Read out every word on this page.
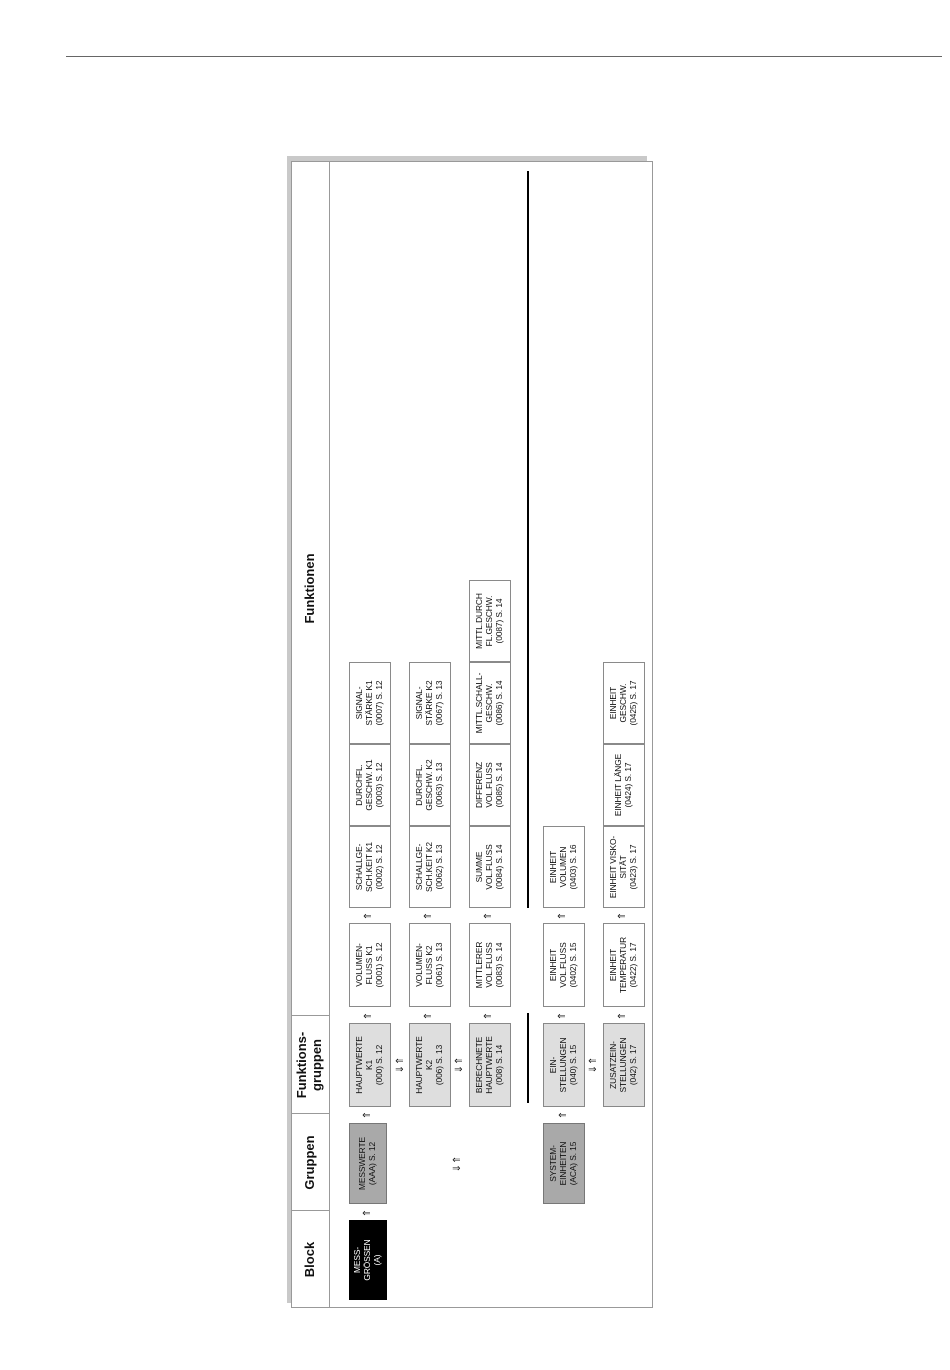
Block
Gruppen
Funktions- gruppen
Funktionen
MESS- GRÖSSEN (A)
⇑
MESSWERTE (AAA) S. 12
⇑
⇓⇑	SYSTEM- EINHEITEN (ACA) S. 15
⇑
HAUPTWERTE K1 (000) S. 12 ⇓⇑ HAUPTWERTE K2 (006) S. 13 ⇓⇑ BERECHNETE HAUPTWERTE (008) S. 14	EIN- STELLUNGEN (040) S. 15 ⇓⇑ ZUSATZEIN- STELLUNGEN (042) S. 17
⇑
VOLUMEN- FLUSS K1 (0001) S. 12
⇑
SCHALLGE- SCH.KEIT K1 (0002) S. 12
DURCHFL. GESCHW. K1 (0003) S. 12
SIGNAL- STÄRKE K1 (0007) S. 12
⇑
VOLUMEN- FLUSS K2 (0061) S. 13
⇑
SCHALLGE- SCH.KEIT K2 (0062) S. 13
DURCHFL. GESCHW. K2 (0063) S. 13
SIGNAL- STÄRKE K2 (0067) S. 13
⇑
MITTLERER VOL.FLUSS (0083) S. 14
⇑
SUMME VOL.FLUSS (0084) S. 14
DIFFERENZ VOL.FLUSS (0085) S. 14
MITTL.SCHALL- GESCHW. (0086) S. 14
MITTL.DURCH FL.GESCHW. (0087) S. 14
⇑
EINHEIT VOL.FLUSS (0402) S. 15
⇑
EINHEIT VOLUMEN (0403) S. 16
⇑
EINHEIT TEMPERATUR (0422) S. 17
⇑
EINHEIT VISKO- SITÄT (0423) S. 17
EINHEIT LÄNGE (0424) S. 17
EINHEIT GESCHW. (0425) S. 17
